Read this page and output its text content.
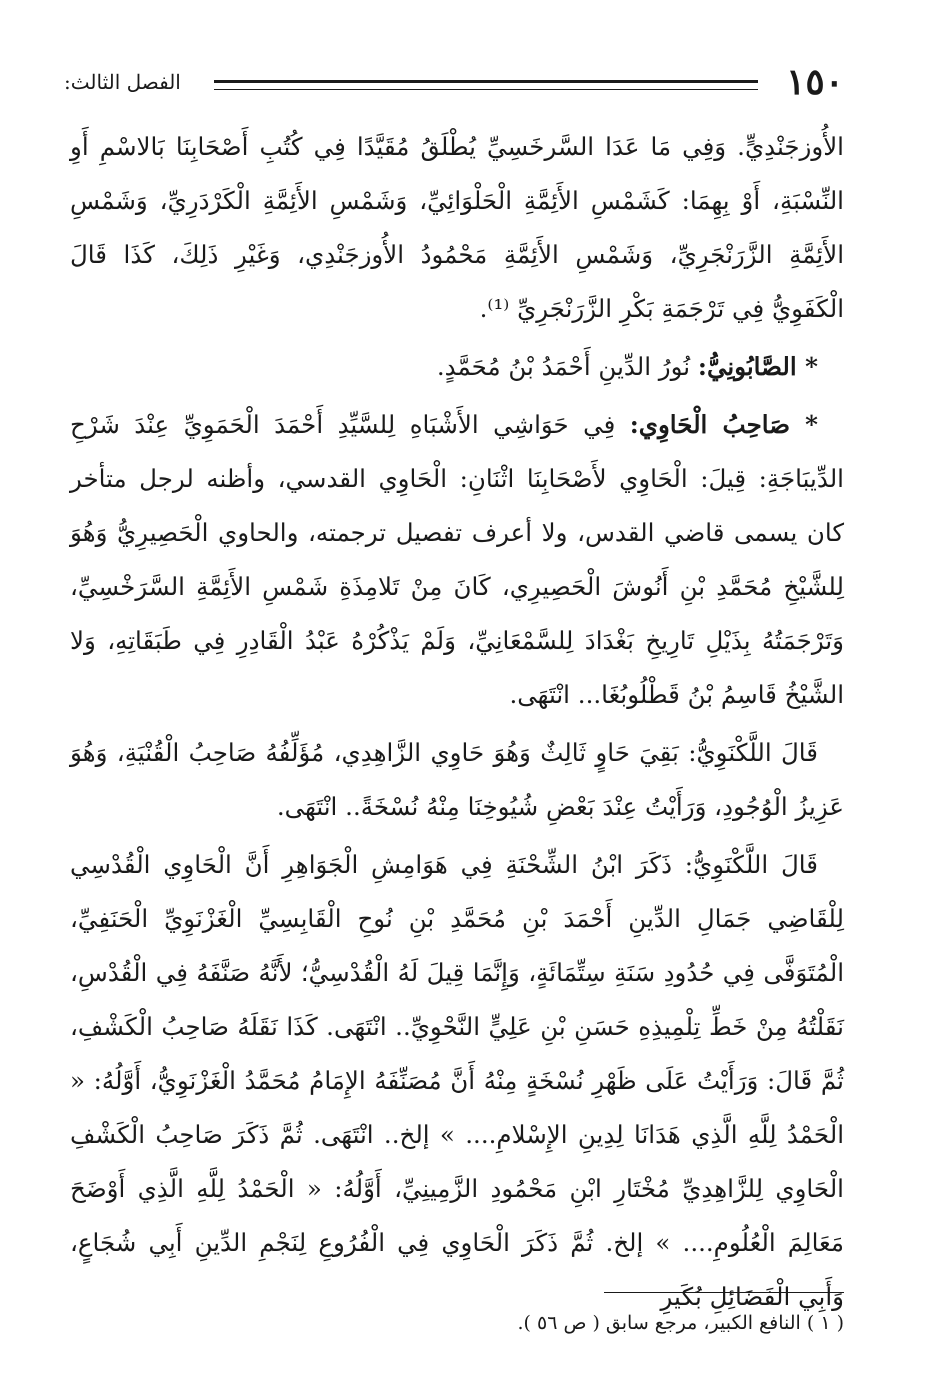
١٥٠
الفصل الثالث:

الأُوزجَنْدِيٍّ. وَفِي مَا عَدَا السَّرخَسِيِّ يُطْلَقُ مُقَيَّدًا فِي كُتُبِ أَصْحَابِنَا بَالاسْمِ أَوِ النِّسْبَةِ، أَوْ بِهِمَا: كَشَمْسِ الأَئِمَّةِ الْحَلْوَائِيِّ، وَشَمْسِ الأَئِمَّةِ الْكَرْدَرِيِّ، وَشَمْسِ الأَئِمَّةِ الزَّرَنْجَرِيِّ، وَشَمْسِ الأَئِمَّةِ مَحْمُودُ الأُوزجَنْدِي، وَغَيْرِ ذَلِكَ، كَذَا قَالَ الْكَفَوِيُّ فِي تَرْجَمَةِ بَكْرِ الزَّرَنْجَرِيِّ ⁽¹⁾.

* الصَّابُونِيُّ: نُورُ الدِّينِ أَحْمَدُ بْنُ مُحَمَّدٍ.

* صَاحِبُ الْحَاوِي: فِي حَوَاشِي الأَشْبَاهِ لِلسَّيِّدِ أَحْمَدَ الْحَمَوِيِّ عِنْدَ شَرْحِ الدِّيبَاجَةِ: قِيلَ: الْحَاوِي لأَصْحَابِنَا اثْنَانِ: الْحَاوِي القدسي، وأظنه لرجل متأخر كان يسمى قاضي القدس، ولا أعرف تفصيل ترجمته، والحاوي الْحَصِيرِيُّ وَهُوَ لِلشَّيْخِ مُحَمَّدِ بْنِ أَنُوشَ الْحَصِيرِي، كَانَ مِنْ تَلامِذَةِ شَمْسِ الأَئِمَّةِ السَّرَخْسِيِّ، وَتَرْجَمَتُهُ بِذَيْلِ تَارِيخِ بَغْدَادَ لِلسَّمْعَانِيِّ، وَلَمْ يَذْكُرْهُ عَبْدُ الْقَادِرِ فِي طَبَقَاتِهِ، وَلا الشَّيْخُ قَاسِمُ بْنُ قَطْلُوبُغَا... انْتَهَى.

قَالَ اللَّكْنَوِيُّ: بَقِيَ حَاوٍ ثَالِثٌ وَهُوَ حَاوِي الزَّاهِدِي، مُؤَلِّفُهُ صَاحِبُ الْقُنْيَةِ، وَهُوَ عَزِيزُ الْوُجُودِ، وَرَأَيْتُ عِنْدَ بَعْضِ شُيُوخِنَا مِنْهُ نُسْخَةً.. انْتَهَى.

قَالَ اللَّكْنَوِيُّ: ذَكَرَ ابْنُ الشِّحْنَةِ فِي هَوَامِشِ الْجَوَاهِرِ أَنَّ الْحَاوِي الْقُدْسِي لِلْقَاضِي جَمَالِ الدِّينِ أَحْمَدَ بْنِ مُحَمَّدِ بْنِ نُوحِ الْقَابِسِيِّ الْغَزْنَوِيِّ الْحَنَفِيِّ، الْمُتَوَفَّى فِي حُدُودِ سَنَةِ سِتِّمَائَةٍ، وَإِنَّمَا قِيلَ لَهُ الْقُدْسِيُّ؛ لأَنَّهُ صَنَّفَهُ فِي الْقُدْسِ، نَقَلْتُهُ مِنْ خَطِّ تِلْمِيذِهِ حَسَنِ بْنِ عَلِيٍّ النَّحْوِيِّ.. انْتَهَى. كَذَا نَقَلَهُ صَاحِبُ الْكَشْفِ، ثُمَّ قَالَ: وَرَأَيْتُ عَلَى ظَهْرِ نُسْخَةٍ مِنْهُ أَنَّ مُصَنِّفَهُ الإِمَامُ مُحَمَّدُ الْغَزْنَوِيُّ، أَوَّلُهُ: « الْحَمْدُ لِلَّهِ الَّذِي هَدَانَا لِدِينِ الإِسْلامِ.... » إلخ.. انْتَهَى. ثُمَّ ذَكَرَ صَاحِبُ الْكَشْفِ الْحَاوِي لِلزَّاهِدِيِّ مُخْتَارِ ابْنِ مَحْمُودِ الزَّمِينِيِّ، أَوَّلُهُ: « الْحَمْدُ لِلَّهِ الَّذِي أَوْضَحَ مَعَالِمَ الْعُلُومِ.... » إلخ. ثُمَّ ذَكَرَ الْحَاوِي فِي الْفُرُوعِ لِنَجْمِ الدِّينِ أَبِي شُجَاعٍ، وَأَبِي الْفَضَائِلِ بُكَيرِ

( ١ ) النافع الكبير، مرجع سابق ( ص ٥٦ ).
